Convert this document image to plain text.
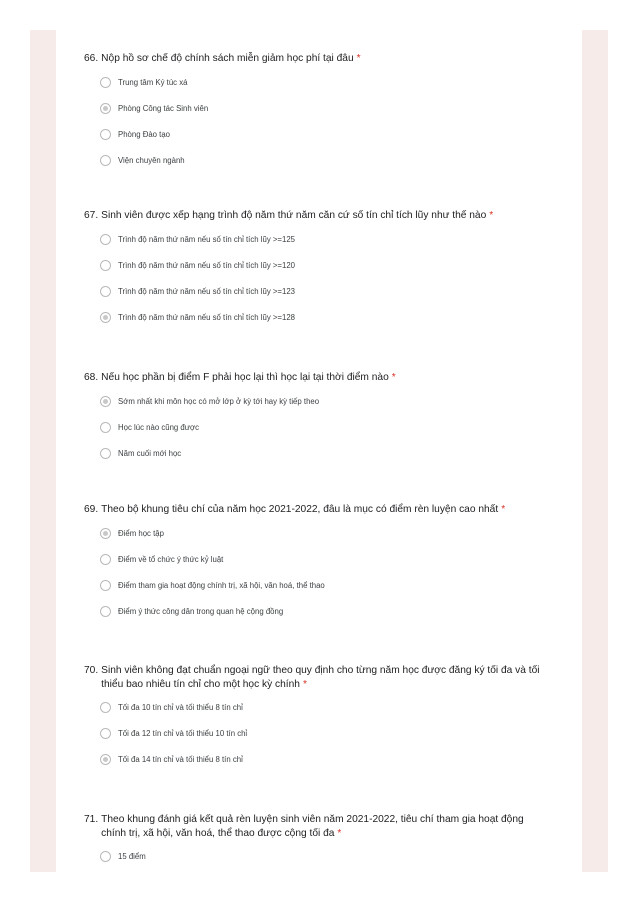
66. Nộp hồ sơ chế độ chính sách miễn giảm học phí tại đâu *
Trung tâm Ký túc xá
Phòng Công tác Sinh viên
Phòng Đào tạo
Viện chuyên ngành
67. Sinh viên được xếp hạng trình độ năm thứ năm căn cứ số tín chỉ tích lũy như thế nào *
Trình độ năm thứ năm nếu số tín chỉ tích lũy >=125
Trình độ năm thứ năm nếu số tín chỉ tích lũy >=120
Trình độ năm thứ năm nếu số tín chỉ tích lũy >=123
Trình độ năm thứ năm nếu số tín chỉ tích lũy >=128
68. Nếu học phần bị điểm F phải học lại thì học lại tại thời điểm nào *
Sớm nhất khi môn học có mở lớp ở kỳ tới hay kỳ tiếp theo
Học lúc nào cũng được
Năm cuối mới học
69. Theo bộ khung tiêu chí của năm học 2021-2022, đâu là mục có điểm rèn luyện cao nhất *
Điểm học tập
Điểm về tổ chức ý thức kỷ luật
Điểm tham gia hoạt động chính trị, xã hội, văn hoá, thể thao
Điểm ý thức công dân trong quan hệ cộng đồng
70. Sinh viên không đạt chuẩn ngoại ngữ theo quy định cho từng năm học được đăng ký tối đa và tối thiểu bao nhiêu tín chỉ cho một học kỳ chính *
Tối đa 10 tín chỉ và tối thiểu 8 tín chỉ
Tối đa 12 tín chỉ và tối thiểu 10 tín chỉ
Tối đa 14 tín chỉ và tối thiểu 8 tín chỉ
71. Theo khung đánh giá kết quả rèn luyện sinh viên năm 2021-2022, tiêu chí tham gia hoạt động chính trị, xã hội, văn hoá, thể thao được cộng tối đa *
15 điểm
